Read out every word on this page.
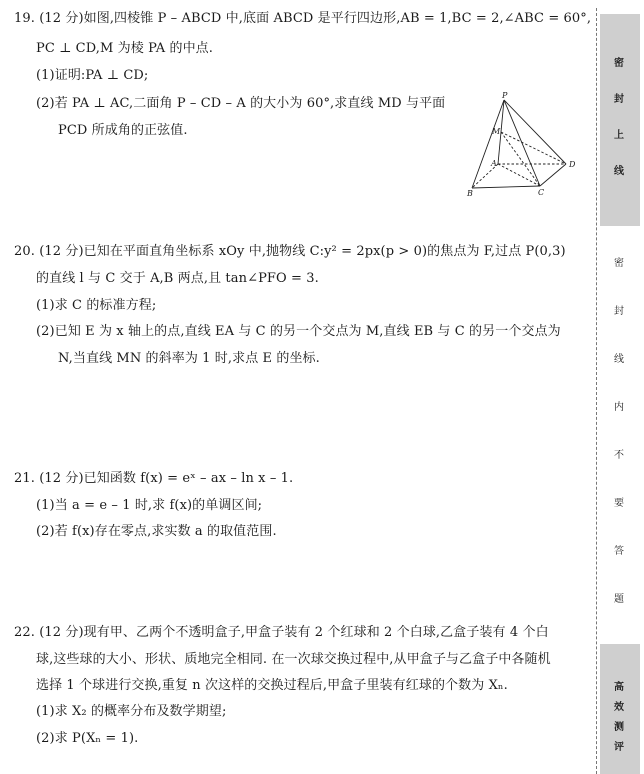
19. (12 分)如图,四棱锥 P – ABCD 中,底面 ABCD 是平行四边形,AB = 1,BC = 2,∠ABC = 60°,
PC ⊥ CD,M 为棱 PA 的中点.
(1)证明:PA ⊥ CD;
(2)若 PA ⊥ AC,二面角 P – CD – A 的大小为 60°,求直线 MD 与平面
PCD 所成角的正弦值.
20. (12 分)已知在平面直角坐标系 xOy 中,抛物线 C:y² = 2px(p > 0)的焦点为 F,过点 P(0,3)
的直线 l 与 C 交于 A,B 两点,且 tan∠PFO = 3.
(1)求 C 的标准方程;
(2)已知 E 为 x 轴上的点,直线 EA 与 C 的另一个交点为 M,直线 EB 与 C 的另一个交点为
N,当直线 MN 的斜率为 1 时,求点 E 的坐标.
21. (12 分)已知函数 f(x) = eˣ – ax – ln x – 1.
(1)当 a = e – 1 时,求 f(x)的单调区间;
(2)若 f(x)存在零点,求实数 a 的取值范围.
22. (12 分)现有甲、乙两个不透明盒子,甲盒子装有 2 个红球和 2 个白球,乙盒子装有 4 个白
球,这些球的大小、形状、质地完全相同. 在一次球交换过程中,从甲盒子与乙盒子中各随机
选择 1 个球进行交换,重复 n 次这样的交换过程后,甲盒子里装有红球的个数为 Xₙ.
(1)求 X₂ 的概率分布及数学期望;
(2)求 P(Xₙ = 1).
P
M
A
B	C
D
密
封
上
线
密
封
线
内
不
要
答
题
高
效
测
评
